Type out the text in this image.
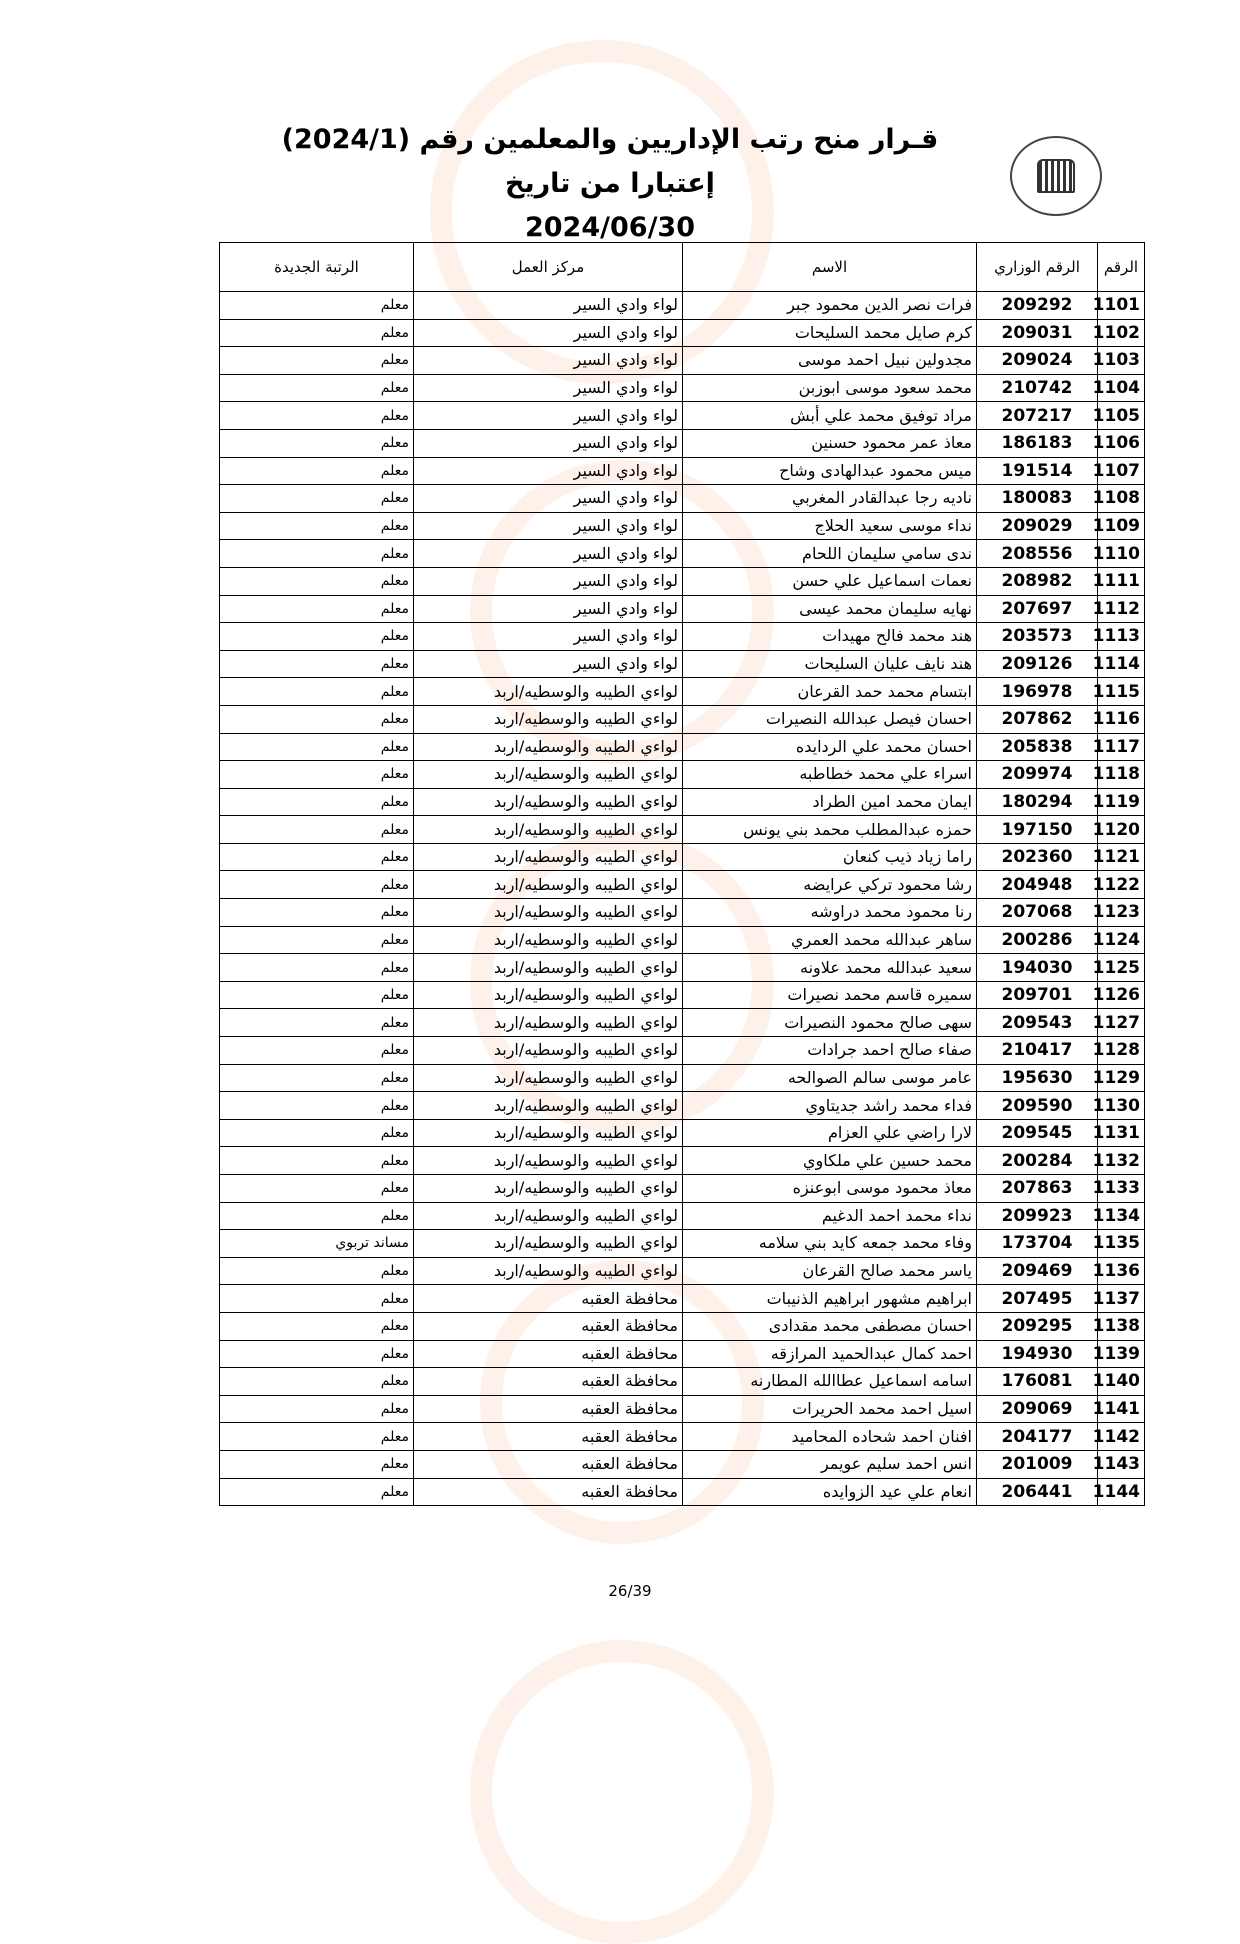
قـرار منح رتب الإداريين والمعلمين رقم (2024/1) إعتبارا من تاريخ
2024/06/30
الرقم	الرقم الوزاري	الاسم	مركز العمل	الرتبة الجديدة
1101	209292	فرات نصر الدين محمود جبر	لواء وادي السير	معلم
1102	209031	كرم صايل محمد السليحات	لواء وادي السير	معلم
1103	209024	مجدولين نبيل احمد موسى	لواء وادي السير	معلم
1104	210742	محمد سعود موسى ابوزبن	لواء وادي السير	معلم
1105	207217	مراد توفيق محمد علي أبش	لواء وادي السير	معلم
1106	186183	معاذ عمر محمود حسنين	لواء وادي السير	معلم
1107	191514	ميس محمود عبدالهادى وشاح	لواء وادي السير	معلم
1108	180083	ناديه رجا عبدالقادر المغربي	لواء وادي السير	معلم
1109	209029	نداء موسى سعيد الحلاج	لواء وادي السير	معلم
1110	208556	ندى سامي سليمان اللحام	لواء وادي السير	معلم
1111	208982	نعمات اسماعيل علي حسن	لواء وادي السير	معلم
1112	207697	نهايه سليمان محمد عيسى	لواء وادي السير	معلم
1113	203573	هند محمد فالح مهيدات	لواء وادي السير	معلم
1114	209126	هند نايف عليان السليحات	لواء وادي السير	معلم
1115	196978	ابتسام محمد حمد القرعان	لواءي الطيبه والوسطيه/اربد	معلم
1116	207862	احسان فيصل عبدالله النصيرات	لواءي الطيبه والوسطيه/اربد	معلم
1117	205838	احسان محمد علي الردايده	لواءي الطيبه والوسطيه/اربد	معلم
1118	209974	اسراء علي محمد خطاطبه	لواءي الطيبه والوسطيه/اربد	معلم
1119	180294	ايمان محمد امين الطراد	لواءي الطيبه والوسطيه/اربد	معلم
1120	197150	حمزه عبدالمطلب محمد بني يونس	لواءي الطيبه والوسطيه/اربد	معلم
1121	202360	راما زياد ذيب كنعان	لواءي الطيبه والوسطيه/اربد	معلم
1122	204948	رشا محمود تركي عرايضه	لواءي الطيبه والوسطيه/اربد	معلم
1123	207068	رنا محمود محمد دراوشه	لواءي الطيبه والوسطيه/اربد	معلم
1124	200286	ساهر عبدالله محمد العمري	لواءي الطيبه والوسطيه/اربد	معلم
1125	194030	سعيد عبدالله محمد علاونه	لواءي الطيبه والوسطيه/اربد	معلم
1126	209701	سميره قاسم محمد نصيرات	لواءي الطيبه والوسطيه/اربد	معلم
1127	209543	سهى صالح محمود النصيرات	لواءي الطيبه والوسطيه/اربد	معلم
1128	210417	صفاء صالح احمد جرادات	لواءي الطيبه والوسطيه/اربد	معلم
1129	195630	عامر موسى سالم الصوالحه	لواءي الطيبه والوسطيه/اربد	معلم
1130	209590	فداء محمد راشد جديتاوي	لواءي الطيبه والوسطيه/اربد	معلم
1131	209545	لارا راضي علي العزام	لواءي الطيبه والوسطيه/اربد	معلم
1132	200284	محمد حسين علي ملكاوي	لواءي الطيبه والوسطيه/اربد	معلم
1133	207863	معاذ محمود موسى ابوعنزه	لواءي الطيبه والوسطيه/اربد	معلم
1134	209923	نداء محمد احمد الدغيم	لواءي الطيبه والوسطيه/اربد	معلم
1135	173704	وفاء محمد جمعه كايد بني سلامه	لواءي الطيبه والوسطيه/اربد	مساند تربوي
1136	209469	ياسر محمد صالح القرعان	لواءي الطيبه والوسطيه/اربد	معلم
1137	207495	ابراهيم مشهور ابراهيم الذنيبات	محافظة العقبه	معلم
1138	209295	احسان مصطفى محمد مقدادى	محافظة العقبه	معلم
1139	194930	احمد كمال عبدالحميد المرازقه	محافظة العقبه	معلم
1140	176081	اسامه اسماعيل عطاالله المطارنه	محافظة العقبه	معلم
1141	209069	اسيل احمد محمد الحريرات	محافظة العقبه	معلم
1142	204177	افنان احمد شحاده المحاميد	محافظة العقبه	معلم
1143	201009	انس احمد سليم عويمر	محافظة العقبه	معلم
1144	206441	انعام علي عيد الزوايده	محافظة العقبه	معلم
26/39
